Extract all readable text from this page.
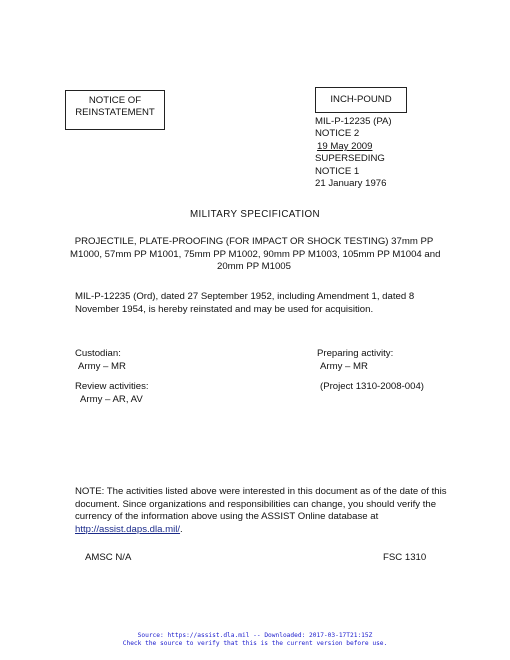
NOTICE OF
REINSTATEMENT
INCH-POUND
MIL-P-12235 (PA)
NOTICE 2
19 May 2009
SUPERSEDING
NOTICE 1
21 January 1976
MILITARY SPECIFICATION
PROJECTILE, PLATE-PROOFING (FOR IMPACT OR SHOCK TESTING) 37mm PP
M1000, 57mm PP M1001, 75mm PP M1002, 90mm PP M1003, 105mm PP M1004 and
20mm PP M1005
MIL-P-12235 (Ord), dated 27 September 1952, including Amendment 1, dated 8
November 1954, is hereby reinstated and may be used for acquisition.
Custodian:
Army – MR
Preparing activity:
Army – MR
Review activities:
Army – AR, AV
(Project 1310-2008-004)
NOTE: The activities listed above were interested in this document as of the date of this
document. Since organizations and responsibilities can change, you should verify the
currency of the information above using the ASSIST Online database at
http://assist.daps.dla.mil/.
AMSC N/A	FSC 1310
Source: https://assist.dla.mil -- Downloaded: 2017-03-17T21:15Z
Check the source to verify that this is the current version before use.
